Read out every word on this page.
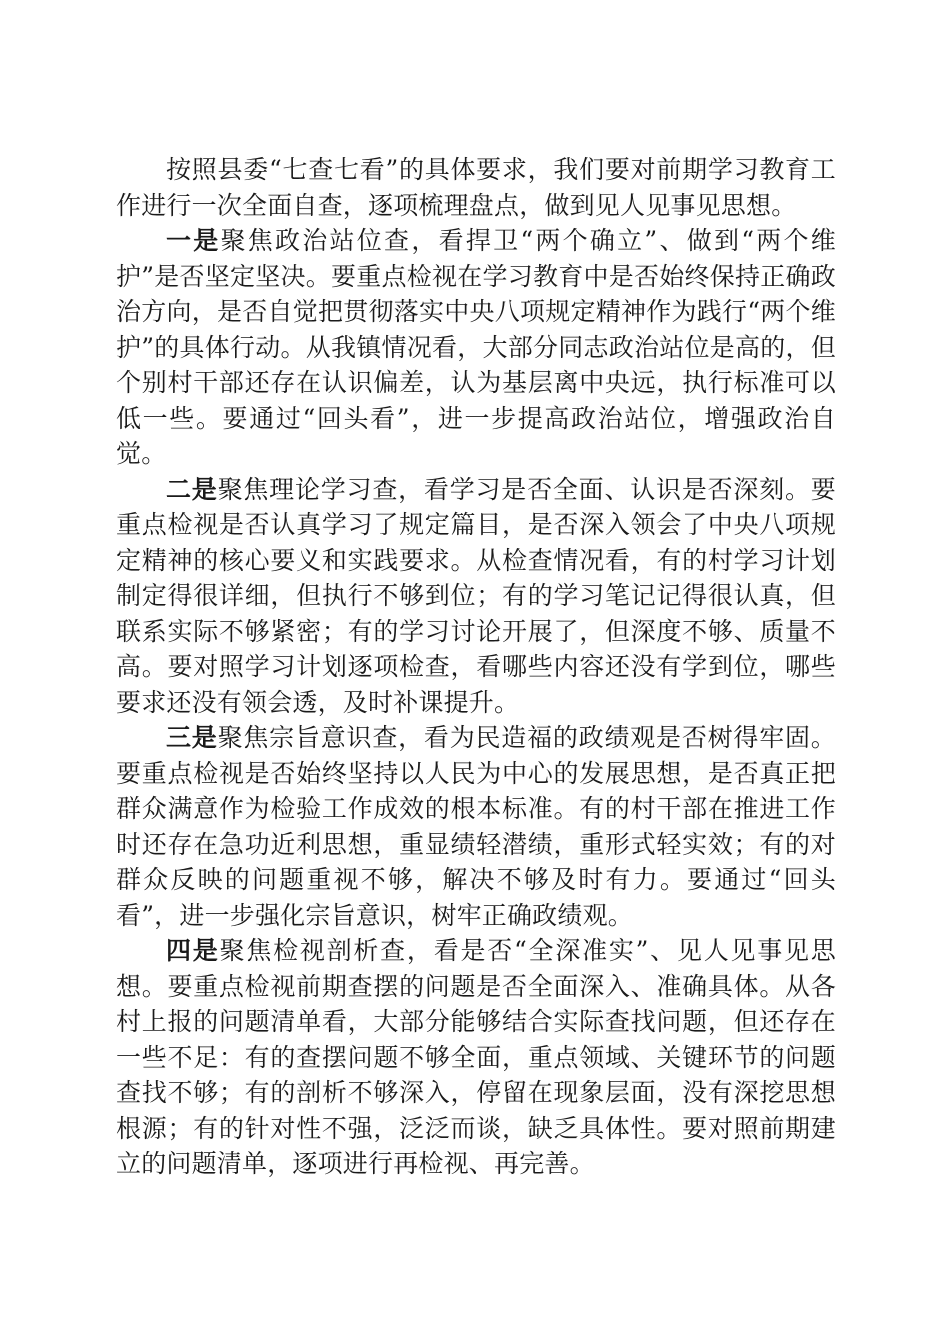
按照县委“七查七看”的具体要求，我们要对前期学习教育工作进行一次全面自查，逐项梳理盘点，做到见人见事见思想。

一是聚焦政治站位查，看捍卫“两个确立”、做到“两个维护”是否坚定坚决。要重点检视在学习教育中是否始终保持正确政治方向，是否自觉把贯彻落实中央八项规定精神作为践行“两个维护”的具体行动。从我镇情况看，大部分同志政治站位是高的，但个别村干部还存在认识偏差，认为基层离中央远，执行标准可以低一些。要通过“回头看”，进一步提高政治站位，增强政治自觉。

二是聚焦理论学习查，看学习是否全面、认识是否深刻。要重点检视是否认真学习了规定篇目，是否深入领会了中央八项规定精神的核心要义和实践要求。从检查情况看，有的村学习计划制定得很详细，但执行不够到位；有的学习笔记记得很认真，但联系实际不够紧密；有的学习讨论开展了，但深度不够、质量不高。要对照学习计划逐项检查，看哪些内容还没有学到位，哪些要求还没有领会透，及时补课提升。

三是聚焦宗旨意识查，看为民造福的政绩观是否树得牢固。要重点检视是否始终坚持以人民为中心的发展思想，是否真正把群众满意作为检验工作成效的根本标准。有的村干部在推进工作时还存在急功近利思想，重显绩轻潜绩，重形式轻实效；有的对群众反映的问题重视不够，解决不够及时有力。要通过“回头看”，进一步强化宗旨意识，树牢正确政绩观。

四是聚焦检视剖析查，看是否“全深准实”、见人见事见思想。要重点检视前期查摆的问题是否全面深入、准确具体。从各村上报的问题清单看，大部分能够结合实际查找问题，但还存在一些不足：有的查摆问题不够全面，重点领域、关键环节的问题查找不够；有的剖析不够深入，停留在现象层面，没有深挖思想根源；有的针对性不强，泛泛而谈，缺乏具体性。要对照前期建立的问题清单，逐项进行再检视、再完善。
